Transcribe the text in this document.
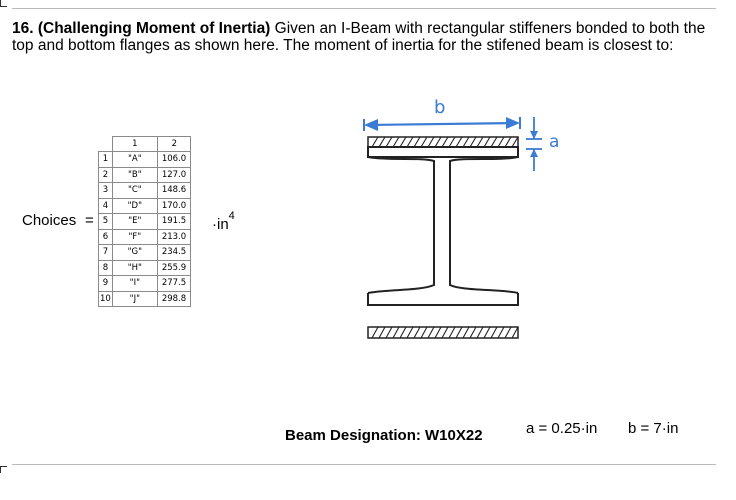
16. (Challenging Moment of Inertia) Given an I-Beam with rectangular stiffeners bonded to both the top and bottom flanges as shown here. The moment of inertia for the stifened beam is closest to:
Choices =
	1	2
1	"A"	106.0
2	"B"	127.0
3	"C"	148.6
4	"D"	170.0
5	"E"	191.5
6	"F"	213.0
7	"G"	234.5
8	"H"	255.9
9	"I"	277.5
10	"J"	298.8
$\cdot in^4$
b
a
Beam Designation: W10X22	a = 0.25·in b = 7·in
